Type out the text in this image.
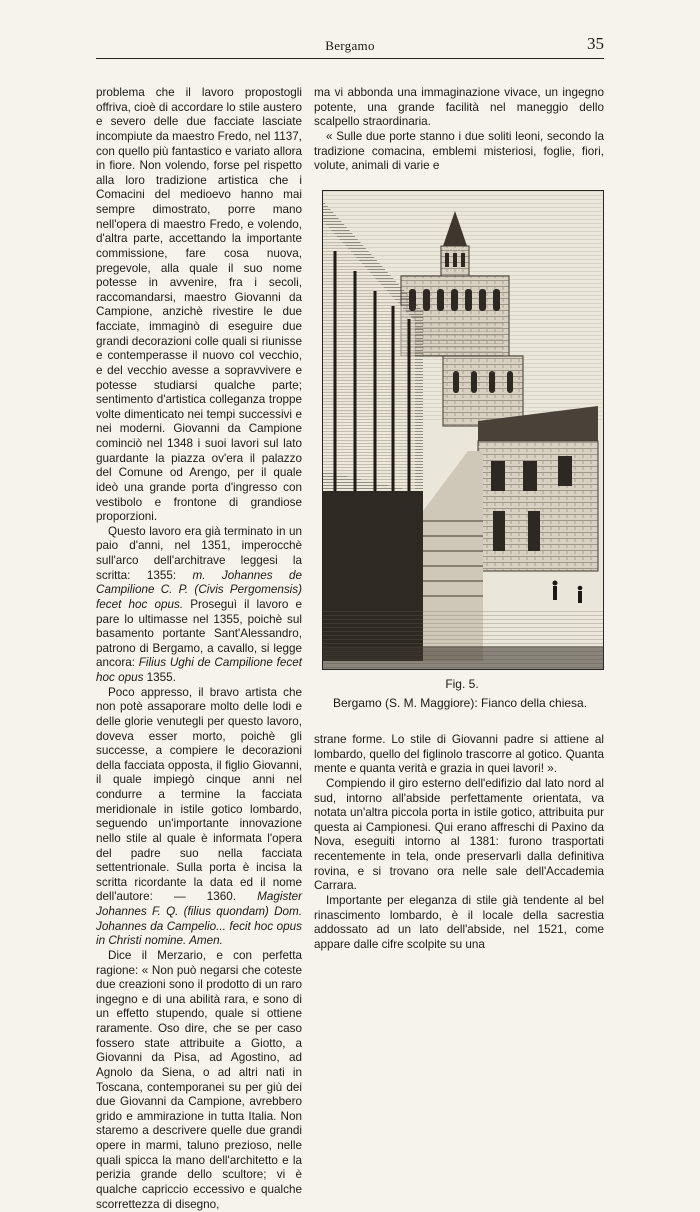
Bergamo	35

problema che il lavoro propostogli offriva, cioè di accordare lo stile austero e severo delle due facciate lasciate incompiute da maestro Fredo, nel 1137, con quello più fantastico e variato allora in fiore. Non volendo, forse pel rispetto alla loro tradizione artistica che i Comacini del medioevo hanno mai sempre dimostrato, porre mano nell'opera di maestro Fredo, e volendo, d'altra parte, accettando la importante commissione, fare cosa nuova, pregevole, alla quale il suo nome potesse in avvenire, fra i secoli, raccomandarsi, maestro Giovanni da Campione, anzichè rivestire le due facciate, immaginò di eseguire due grandi decorazioni colle quali si riunisse e contemperasse il nuovo col vecchio, e del vecchio avesse a sopravvivere e potesse studiarsi qualche parte; sentimento d'artistica colleganza troppe volte dimenticato nei tempi successivi e nei moderni. Giovanni da Campione cominciò nel 1348 i suoi lavori sul lato guardante la piazza ov'era il palazzo del Comune od Arengo, per il quale ideò una grande porta d'ingresso con vestibolo e frontone di grandiose proporzioni.

Questo lavoro era già terminato in un paio d'anni, nel 1351, imperocchè sull'arco dell'architrave leggesi la scritta: 1355: m. Johannes de Campilione C. P. (Civis Pergomensis) fecet hoc opus. Proseguì il lavoro e pare lo ultimasse nel 1355, poichè sul basamento portante Sant'Alessandro, patrono di Bergamo, a cavallo, si legge ancora: Filius Ughi de Campilione fecet hoc opus 1355.

Poco appresso, il bravo artista che non potè assaporare molto delle lodi e delle glorie venutegli per questo lavoro, doveva esser morto, poichè gli successe, a compiere le decorazioni della facciata opposta, il figlio Giovanni, il quale impiegò cinque anni nel condurre a termine la facciata meridionale in istile gotico lombardo, seguendo un'importante innovazione nello stile al quale è informata l'opera del padre suo nella facciata settentrionale. Sulla porta è incisa la scritta ricordante la data ed il nome dell'autore: — 1360. Magister Johannes F. Q. (filius quondam) Dom. Johannes da Campelio... fecit hoc opus in Christi nomine. Amen.

Dice il Merzario, e con perfetta ragione: « Non può negarsi che coteste due creazioni sono il prodotto di un raro ingegno e di una abilità rara, e sono di un effetto stupendo, quale si ottiene raramente. Oso dire, che se per caso fossero state attribuite a Giotto, a Giovanni da Pisa, ad Agostino, ad Agnolo da Siena, o ad altri nati in Toscana, contemporanei su per giù dei due Giovanni da Campione, avrebbero grido e ammirazione in tutta Italia. Non staremo a descrivere quelle due grandi opere in marmi, taluno prezioso, nelle quali spicca la mano dell'architetto e la perizia grande dello scultore; vi è qualche capriccio eccessivo e qualche scorrettezza di disegno,

ma vi abbonda una immaginazione vivace, un ingegno potente, una grande facilità nel maneggio dello scalpello straordinaria.

« Sulle due porte stanno i due soliti leoni, secondo la tradizione comacina, emblemi misteriosi, foglie, fiori, volute, animali di varie e

Fig. 5.
Bergamo (S. M. Maggiore): Fianco della chiesa.

strane forme. Lo stile di Giovanni padre si attiene al lombardo, quello del figlinolo trascorre al gotico. Quanta mente e quanta verità e grazia in quei lavori! ».

Compiendo il giro esterno dell'edifizio dal lato nord al sud, intorno all'abside perfettamente orientata, va notata un'altra piccola porta in istile gotico, attribuita pur questa ai Campionesi. Qui erano affreschi di Paxino da Nova, eseguiti intorno al 1381: furono trasportati recentemente in tela, onde preservarli dalla definitiva rovina, e si trovano ora nelle sale dell'Accademia Carrara.

Importante per eleganza di stile già tendente al bel rinascimento lombardo, è il locale della sacrestia addossato ad un lato dell'abside, nel 1521, come appare dalle cifre scolpite su una
